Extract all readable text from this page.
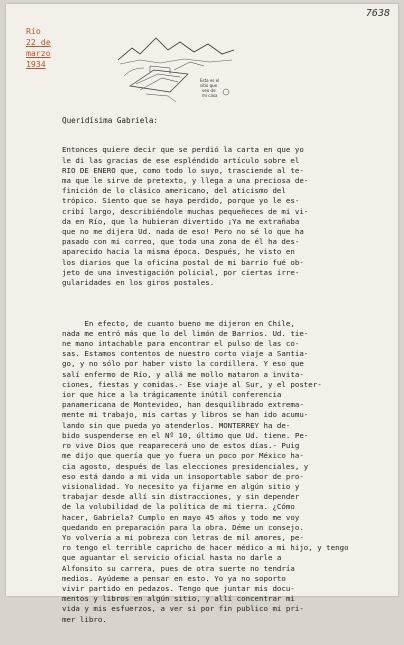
7638
Río
22 de
marzo
1934
Esta es el
sitio que
veo de
mi casa
Queridísima Gabriela:

Entonces quiere decir que se perdió la carta en que yo
le di las gracias de ese espléndido artículo sobre el
RIO DE ENERO que, como todo lo suyo, trasciende al te-
ma que le sirve de pretexto, y llega a una preciosa de-
finición de lo clásico americano, del aticismo del
trópico. Siento que se haya perdido, porque yo le es-
cribí largo, describiéndole muchas pequeñeces de mi vi-
da en Río, que la hubieran divertido ¡Ya me extrañaba
que no me dijera Ud. nada de eso! Pero no sé lo que ha
pasado con mi correo, que toda una zona de él ha des-
aparecido hacia la misma época. Después, he visto en
los diarios que la oficina postal de mi barrio fué ob-
jeto de una investigación policial, por ciertas irre-
gularidades en los giros postales.

En efecto, de cuanto bueno me dijeron en Chile,
nada me entró más que lo del limón de Barrios. Ud. tie-
ne mano intachable para encontrar el pulso de las co-
sas. Estamos contentos de nuestro corto viaje a Santia-
go, y no sólo por haber visto la cordillera. Y eso que
salí enfermo de Río, y allá me mollo mataron a invita-
ciones, fiestas y comidas.- Ese viaje al Sur, y el poster-
ior que hice a la trágicamente inútil conferencia
panamericana de Montevideo, han desquilibrado extrema-
mente mi trabajo, mis cartas y libros se han ido acumu-
lando sin que pueda yo atenderlos. MONTERREY ha de-
bido suspenderse en el Nº 10, último que Ud. tiene. Pe-
ro vive Dios que reaparecerá uno de estos días.- Puig
me dijo que quería que yo fuera un poco por México ha-
cia agosto, después de las elecciones presidenciales, y
eso está dando a mi vida un insoportable sabor de pro-
visionalidad. Yo necesito ya fijarme en algún sitio y
trabajar desde allí sin distracciones, y sin depender
de la volubilidad de la política de mi tierra. ¿Cómo
hacer, Gabriela? Cumplo en mayo 45 años y todo me voy
quedando en preparación para la obra. Déme un consejo.
Yo volvería a mi pobreza con letras de mil amores, pe-
ro tengo el terrible capricho de hacer médico a mi hijo, y tengo
que aguantar el servicio oficial hasta no darle a
Alfonsito su carrera, pues de otra suerte no tendría
medios. Ayúdeme a pensar en esto. Yo ya no soporto
vivir partido en pedazos. Tengo que juntar mis docu-
mentos y libros en algún sitio, y allí concentrar mi
vida y mis esfuerzos, a ver si por fin publico mi pri-
mer libro.
